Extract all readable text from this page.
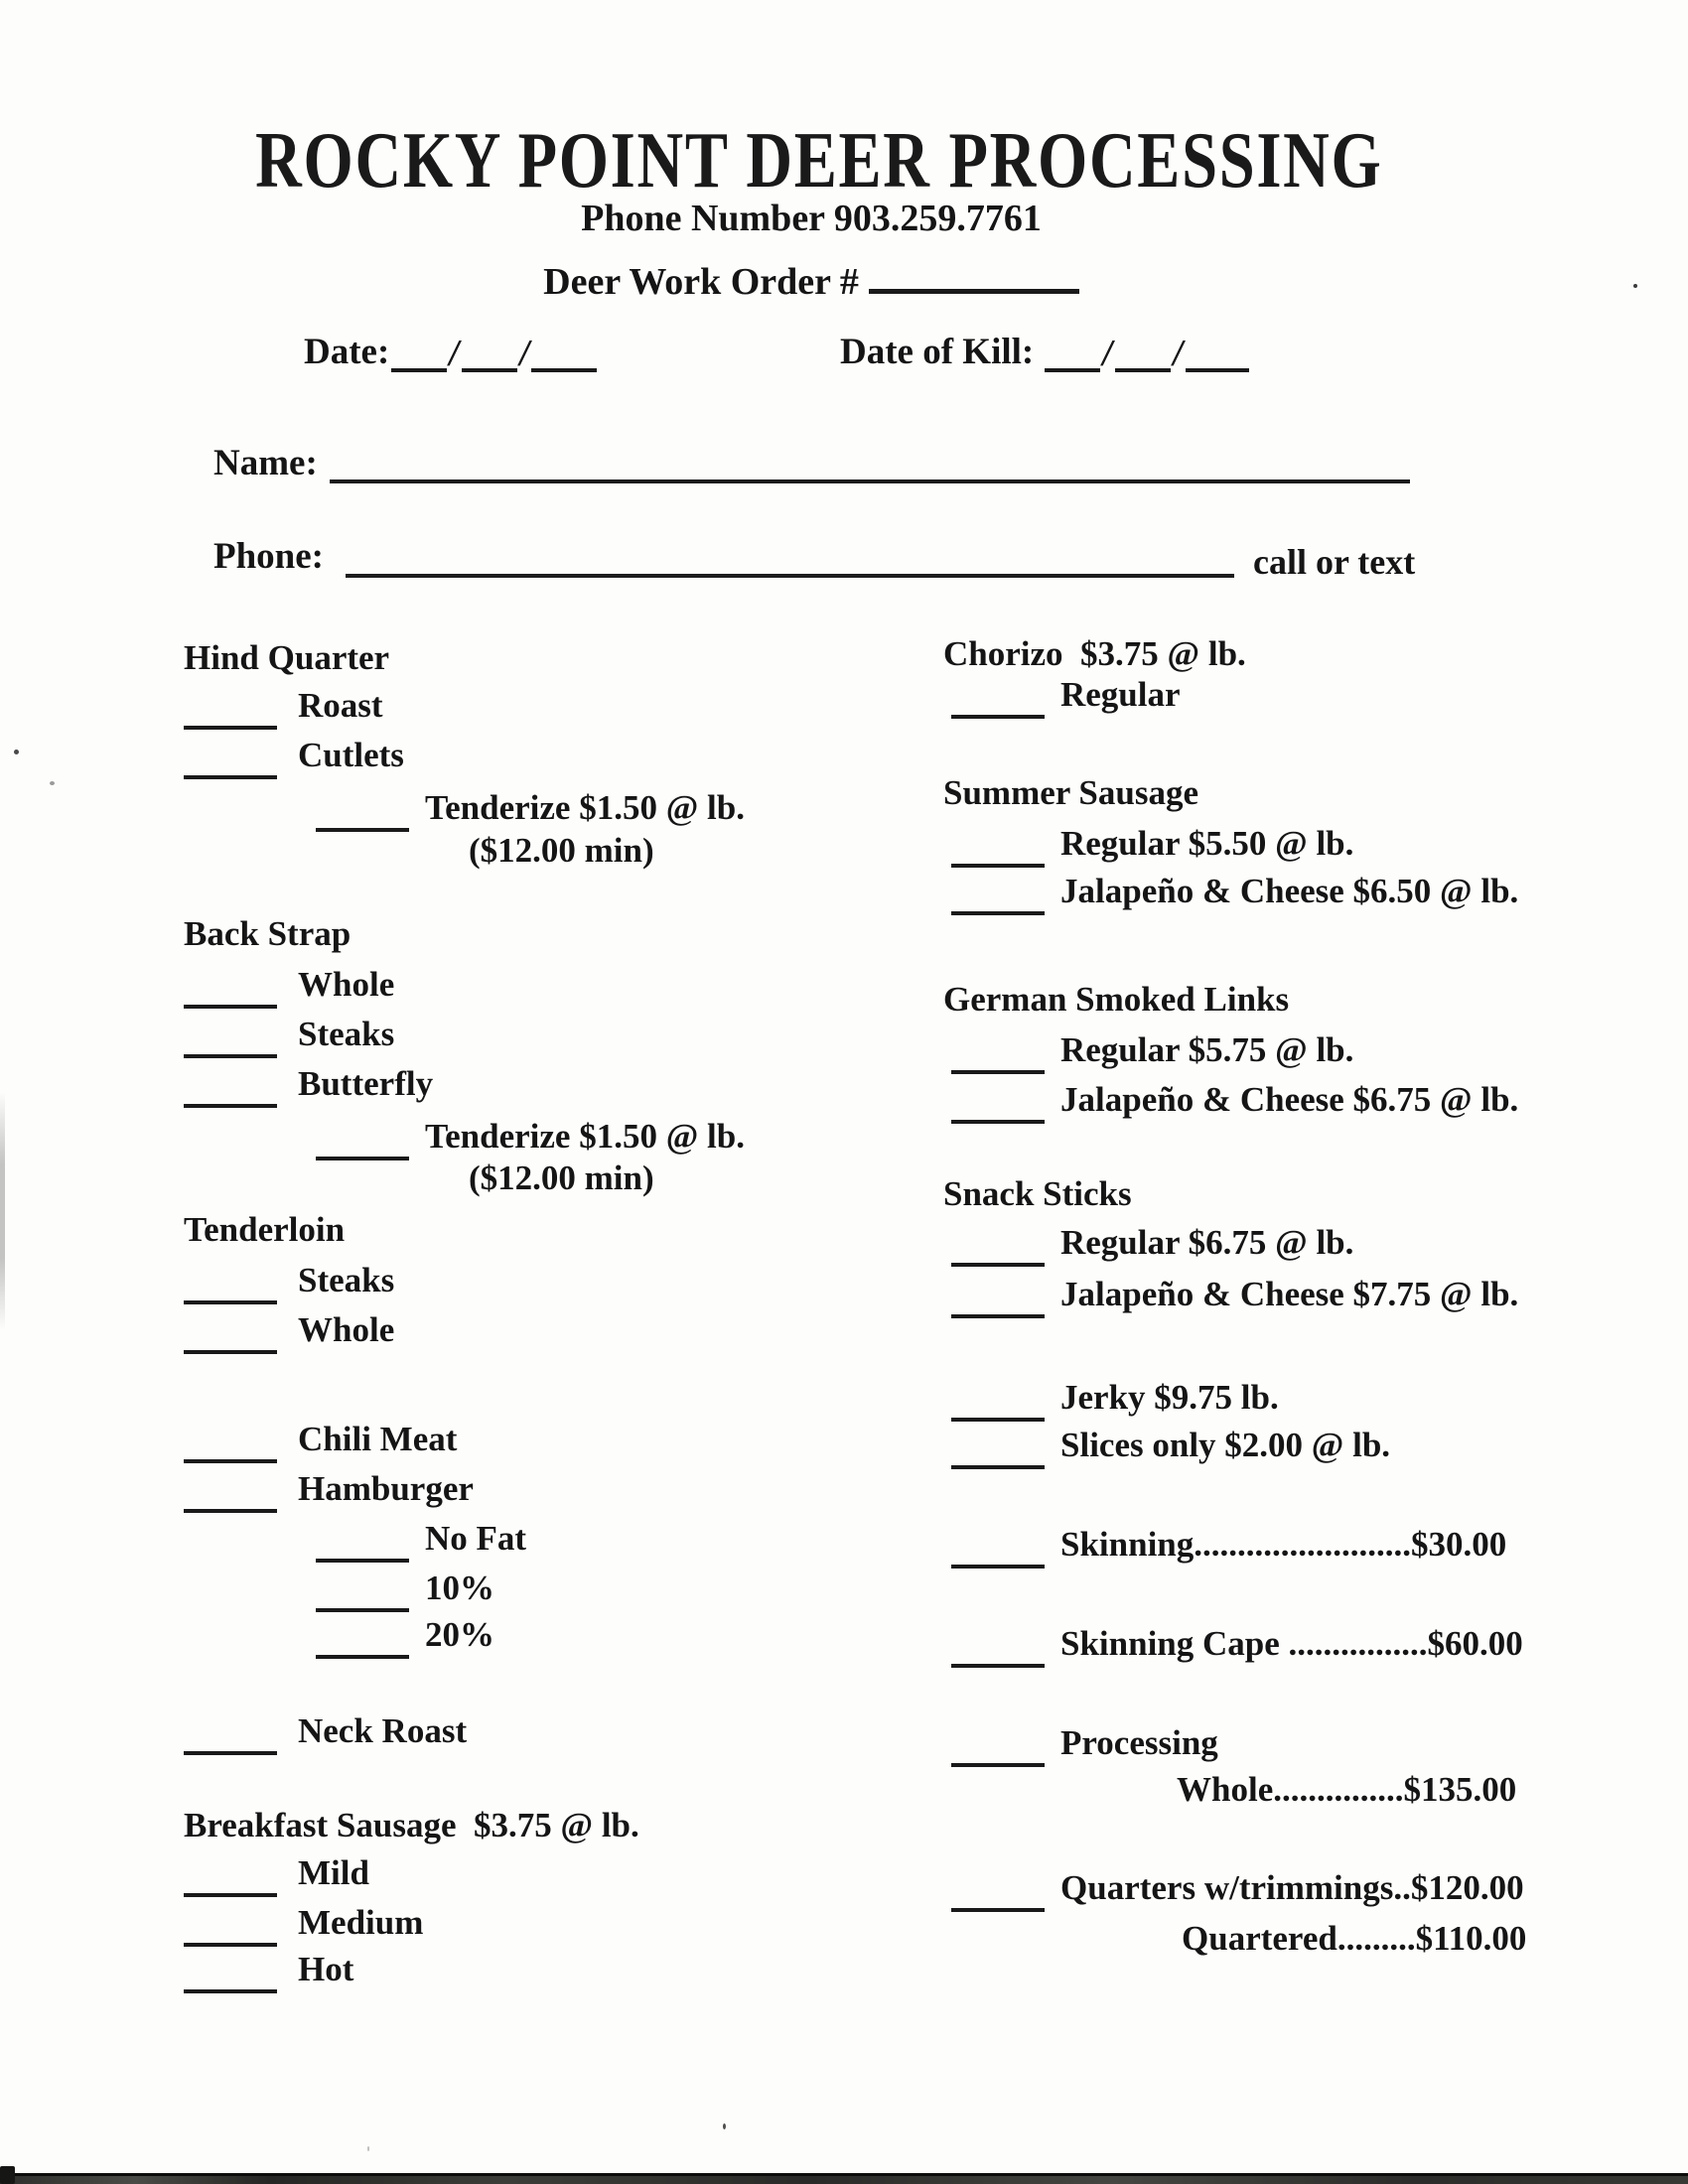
ROCKY POINT DEER PROCESSING

Phone Number 903.259.7761
Deer Work Order #
Date: / /	Date of Kill: / /
Name:
Phone:	call or text
Hind Quarter
Roast
Cutlets
Tenderize $1.50 @ lb.
($12.00 min)
Back Strap
Whole
Steaks
Butterfly
Tenderize $1.50 @ lb.
($12.00 min)
Tenderloin
Steaks
Whole
Chili Meat
Hamburger
No Fat
10%
20%
Neck Roast
Breakfast Sausage  $3.75 @ lb.
Mild
Medium
Hot
Chorizo  $3.75 @ lb.
Regular
Summer Sausage
Regular $5.50 @ lb.
Jalapeño & Cheese $6.50 @ lb.
German Smoked Links
Regular $5.75 @ lb.
Jalapeño & Cheese $6.75 @ lb.
Snack Sticks
Regular $6.75 @ lb.
Jalapeño & Cheese $7.75 @ lb.
Jerky $9.75 lb.
Slices only $2.00 @ lb.
Skinning.........................$30.00
Skinning Cape ................$60.00
Processing
Whole...............$135.00
Quarters w/trimmings..$120.00
Quartered.........$110.00
